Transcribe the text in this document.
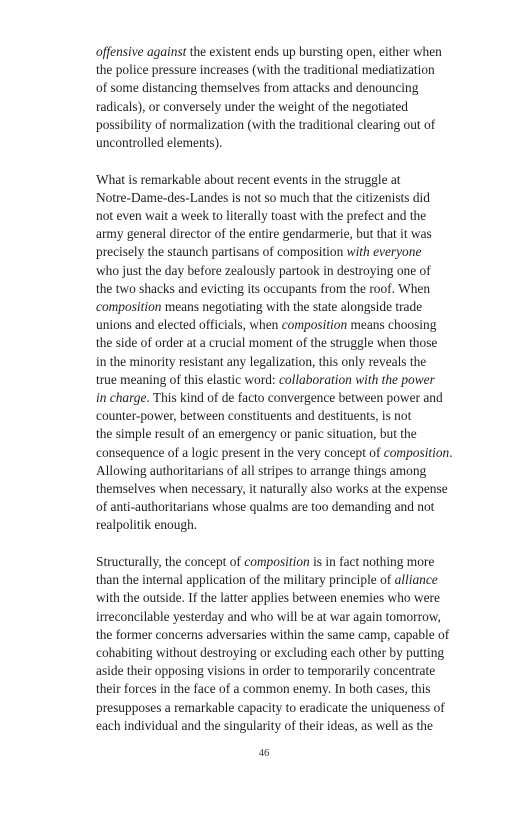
offensive against the existent ends up bursting open, either when
the police pressure increases (with the traditional mediatization
of some distancing themselves from attacks and denouncing
radicals), or conversely under the weight of the negotiated
possibility of normalization (with the traditional clearing out of
uncontrolled elements).

What is remarkable about recent events in the struggle at
Notre-Dame-des-Landes is not so much that the citizenists did
not even wait a week to literally toast with the prefect and the
army general director of the entire gendarmerie, but that it was
precisely the staunch partisans of composition with everyone
who just the day before zealously partook in destroying one of
the two shacks and evicting its occupants from the roof. When
composition means negotiating with the state alongside trade
unions and elected officials, when composition means choosing
the side of order at a crucial moment of the struggle when those
in the minority resistant any legalization, this only reveals the
true meaning of this elastic word: collaboration with the power
in charge. This kind of de facto convergence between power and
counter-power, between constituents and destituents, is not
the simple result of an emergency or panic situation, but the
consequence of a logic present in the very concept of composition.
Allowing authoritarians of all stripes to arrange things among
themselves when necessary, it naturally also works at the expense
of anti-authoritarians whose qualms are too demanding and not
realpolitik enough.

Structurally, the concept of composition is in fact nothing more
than the internal application of the military principle of alliance
with the outside. If the latter applies between enemies who were
irreconcilable yesterday and who will be at war again tomorrow,
the former concerns adversaries within the same camp, capable of
cohabiting without destroying or excluding each other by putting
aside their opposing visions in order to temporarily concentrate
their forces in the face of a common enemy. In both cases, this
presupposes a remarkable capacity to eradicate the uniqueness of
each individual and the singularity of their ideas, as well as the

46
